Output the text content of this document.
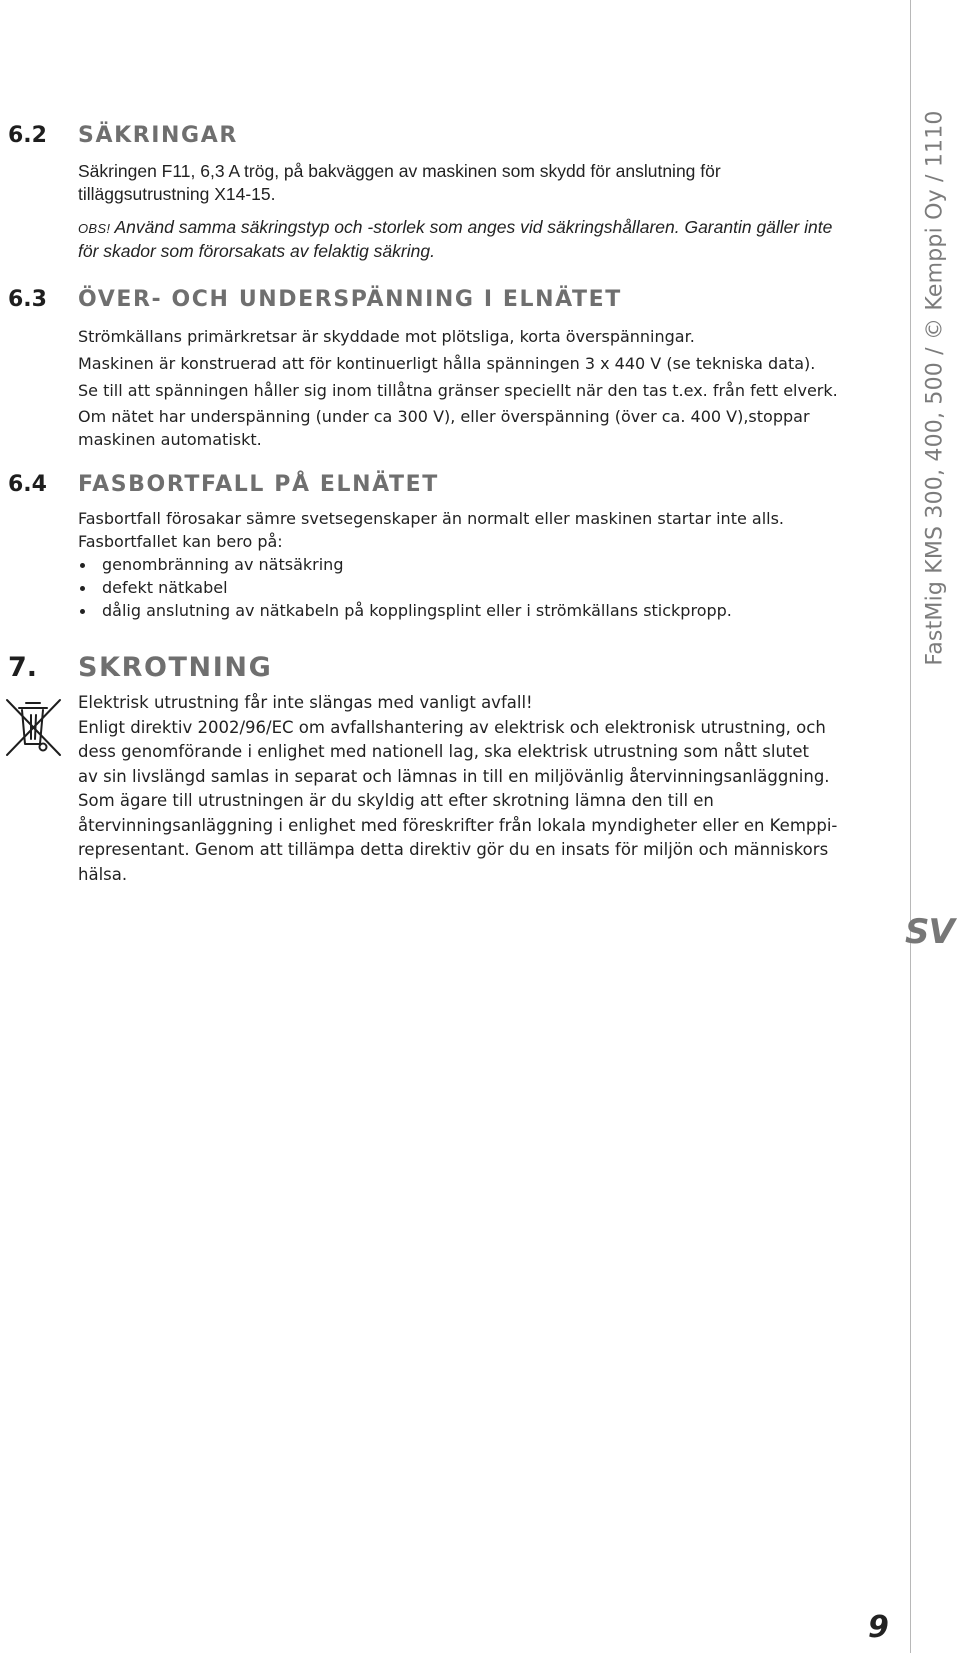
FastMig KMS 300, 400, 500 / © Kemppi Oy / 1110
SV
9
6.2 SÄKRINGAR
Säkringen F11, 6,3 A trög, på bakväggen av maskinen som skydd för anslutning för
tilläggsutrustning X14-15.
OBS! Använd samma säkringstyp och -storlek som anges vid säkringshållaren. Garantin gäller inte
för skador som förorsakats av felaktig säkring.
6.3 ÖVER- OCH UNDERSPÄNNING I ELNÄTET
Strömkällans primärkretsar är skyddade mot plötsliga, korta överspänningar.
Maskinen är konstruerad att för kontinuerligt hålla spänningen 3 x 440 V (se tekniska data).
Se till att spänningen håller sig inom tillåtna gränser speciellt när den tas t.ex. från fett elverk.
Om nätet har underspänning (under ca 300 V), eller överspänning (över ca. 400 V),stoppar
maskinen automatiskt.
6.4 FASBORTFALL PÅ ELNÄTET
Fasbortfall förosakar sämre svetsegenskaper än normalt eller maskinen startar inte alls.
Fasbortfallet kan bero på:
genombränning av nätsäkring
defekt nätkabel
dålig anslutning av nätkabeln på kopplingsplint eller i strömkällans stickpropp.
7. SKROTNING
Elektrisk utrustning får inte slängas med vanligt avfall!
Enligt direktiv 2002/96/EC om avfallshantering av elektrisk och elektronisk utrustning, och
dess genomförande i enlighet med nationell lag, ska elektrisk utrustning som nått slutet
av sin livslängd samlas in separat och lämnas in till en miljövänlig återvinningsanläggning.
Som ägare till utrustningen är du skyldig att efter skrotning lämna den till en
återvinningsanläggning i enlighet med föreskrifter från lokala myndigheter eller en Kemppi-
representant. Genom att tillämpa detta direktiv gör du en insats för miljön och människors
hälsa.
